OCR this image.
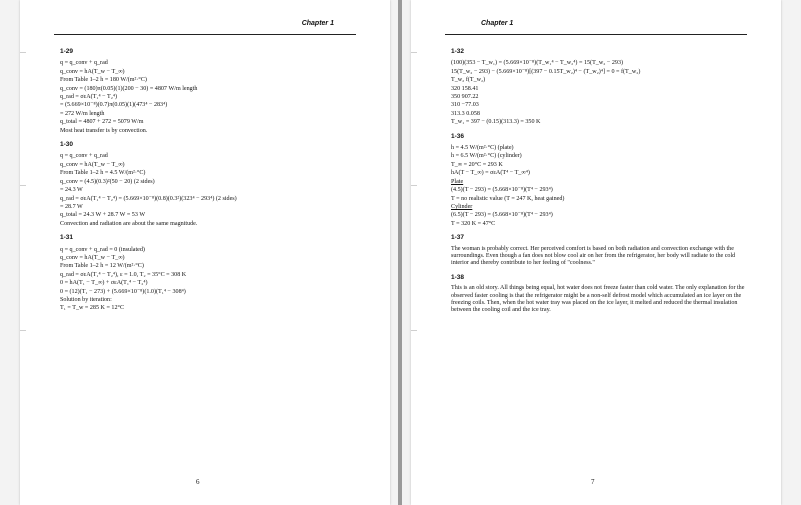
Chapter 1
1-29
q = q_conv + q_rad
q_conv = hA(T_w − T_∞)
From Table 1–2 h = 180 W/(m²·°C)
q_conv = (180)π(0.05)(1)(200 − 30) = 4807 W/m length
q_rad = σεA(T₁⁴ − T₂⁴)
= (5.669×10⁻⁸)(0.7)π(0.05)(1)(473⁴ − 283⁴)
= 272 W/m length
q_total = 4807 + 272 = 5079 W/m
Most heat transfer is by convection.
1-30
q = q_conv + q_rad
q_conv = hA(T_w − T_∞)
From Table 1–2 h = 4.5 W/(m²·°C)
q_conv = (4.5)(0.3)²(50 − 20) (2 sides)
= 24.3 W
q_rad = σεA(T₁⁴ − T₂⁴) = (5.669×10⁻⁸)(0.8)(0.3²)(323⁴ − 293⁴) (2 sides)
= 28.7 W
q_total = 24.3 W + 28.7 W = 53 W
Convection and radiation are about the same magnitude.
1-31
q = q_conv + q_rad = 0 (insulated)
q_conv = hA(T_w − T_∞)
From Table 1–2 h = 12 W/(m²·°C)
q_rad = σεA(T₁⁴ − T₂⁴), ε = 1.0, T₂ = 35°C = 308 K
0 = hA(T₁ − T_∞) + σεA(T₁⁴ − T₂⁴)
0 = (12)(T₁ − 273) + (5.669×10⁻⁸)(1.0)(T₁⁴ − 308⁴)
Solution by iteration:
T₁ = T_w = 285 K = 12°C
6
Chapter 1
1-32
(100)(353 − T_w₁) = (5.669×10⁻⁸)(T_w₁⁴ − T_w₂⁴) = 15(T_w₂ − 293)
15(T_w₂ − 293) − (5.669×10⁻⁸)[(397 − 0.15T_w₂)⁴ − (T_w₂)⁴] = 0 = f(T_w₂)
T_w₂ f(T_w₂)
320 158.41
350 907.22
310 −77.03
313.3 0.058
T_w₁ = 397 − (0.15)(313.3) = 350 K
1-36
h = 4.5 W/(m²·°C) (plate)
h = 6.5 W/(m²·°C) (cylinder)
T_∞ = 20°C = 293 K
hA(T − T_∞) = σεA(T⁴ − T_∞⁴)
Plate
(4.5)(T − 293) = (5.668×10⁻⁸)(T⁴ − 293⁴)
T = no realistic value (T = 247 K, heat gained)
Cylinder
(6.5)(T − 293) = (5.668×10⁻⁸)(T⁴ − 293⁴)
T = 320 K = 47°C
1-37
The woman is probably correct. Her perceived comfort is based on both radiation and convection exchange with the surroundings. Even though a fan does not blow cool air on her from the refrigerator, her body will radiate to the cold interior and thereby contribute to her feeling of "coolness."
1-38
This is an old story. All things being equal, hot water does not freeze faster than cold water. The only explanation for the observed faster cooling is that the refrigerator might be a non-self defrost model which accumulated an ice layer on the freezing coils. Then, when the hot water tray was placed on the ice layer, it melted and reduced the thermal insulation between the cooling coil and the ice tray.
7
